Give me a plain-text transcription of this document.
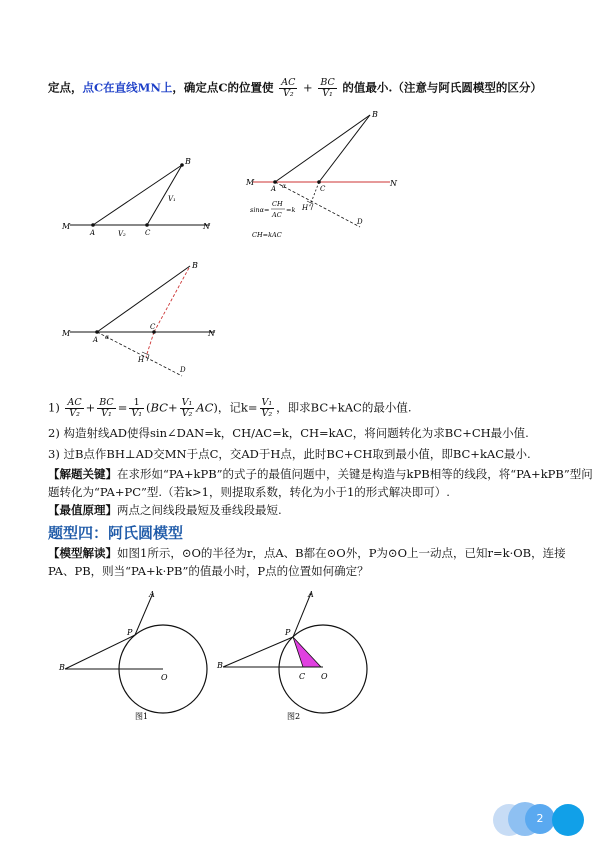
定点，点C在直线MN上，确定点C的位置使 $\frac{AC}{\text{V₂}} + \frac{BC}{\text{V₁}}$ 的值最小.（注意与阿氏圆模型的区分）
B
V₁
M
A	V₂	C
N
B
M
A α	C
N
H
D
sinα=
CH
AC
=k
CH=kAC
B
M
A α
C
N
H
D
$1) \frac{AC}{\text{V₂}} + \frac{BC}{\text{V₁}} = \frac{1}{\text{V₁}} (BC+ \frac{\text{V₁}}{\text{V₂}} AC)$，记$k= \frac{\text{V₁}}{\text{V₂}}$ ，即求BC+kAC的最小值.
2) 构造射线AD使得sin∠DAN=k，CH/AC=k，CH=kAC，将问题转化为求BC+CH最小值.
3) 过B点作BH⊥AD交MN于点C，交AD于H点，此时BC+CH取到最小值，即BC+kAC最小.
【解题关键】在求形如“PA+kPB”的式子的最值问题中，关键是构造与kPB相等的线段，将“PA+kPB”型问
题转化为“PA+PC”型.（若k>1，则提取系数，转化为小于1的形式解决即可）.
【最值原理】两点之间线段最短及垂线段最短.
题型四：阿氏圆模型
【模型解读】如图1所示，⊙O的半径为r，点A、B都在⊙O外，P为⊙O上一动点，已知r=k·OB，连接
PA、PB，则当“PA+k·PB”的值最小时，P点的位置如何确定？
A
P
B
O
图1
A
P
B
C O
图2
2
